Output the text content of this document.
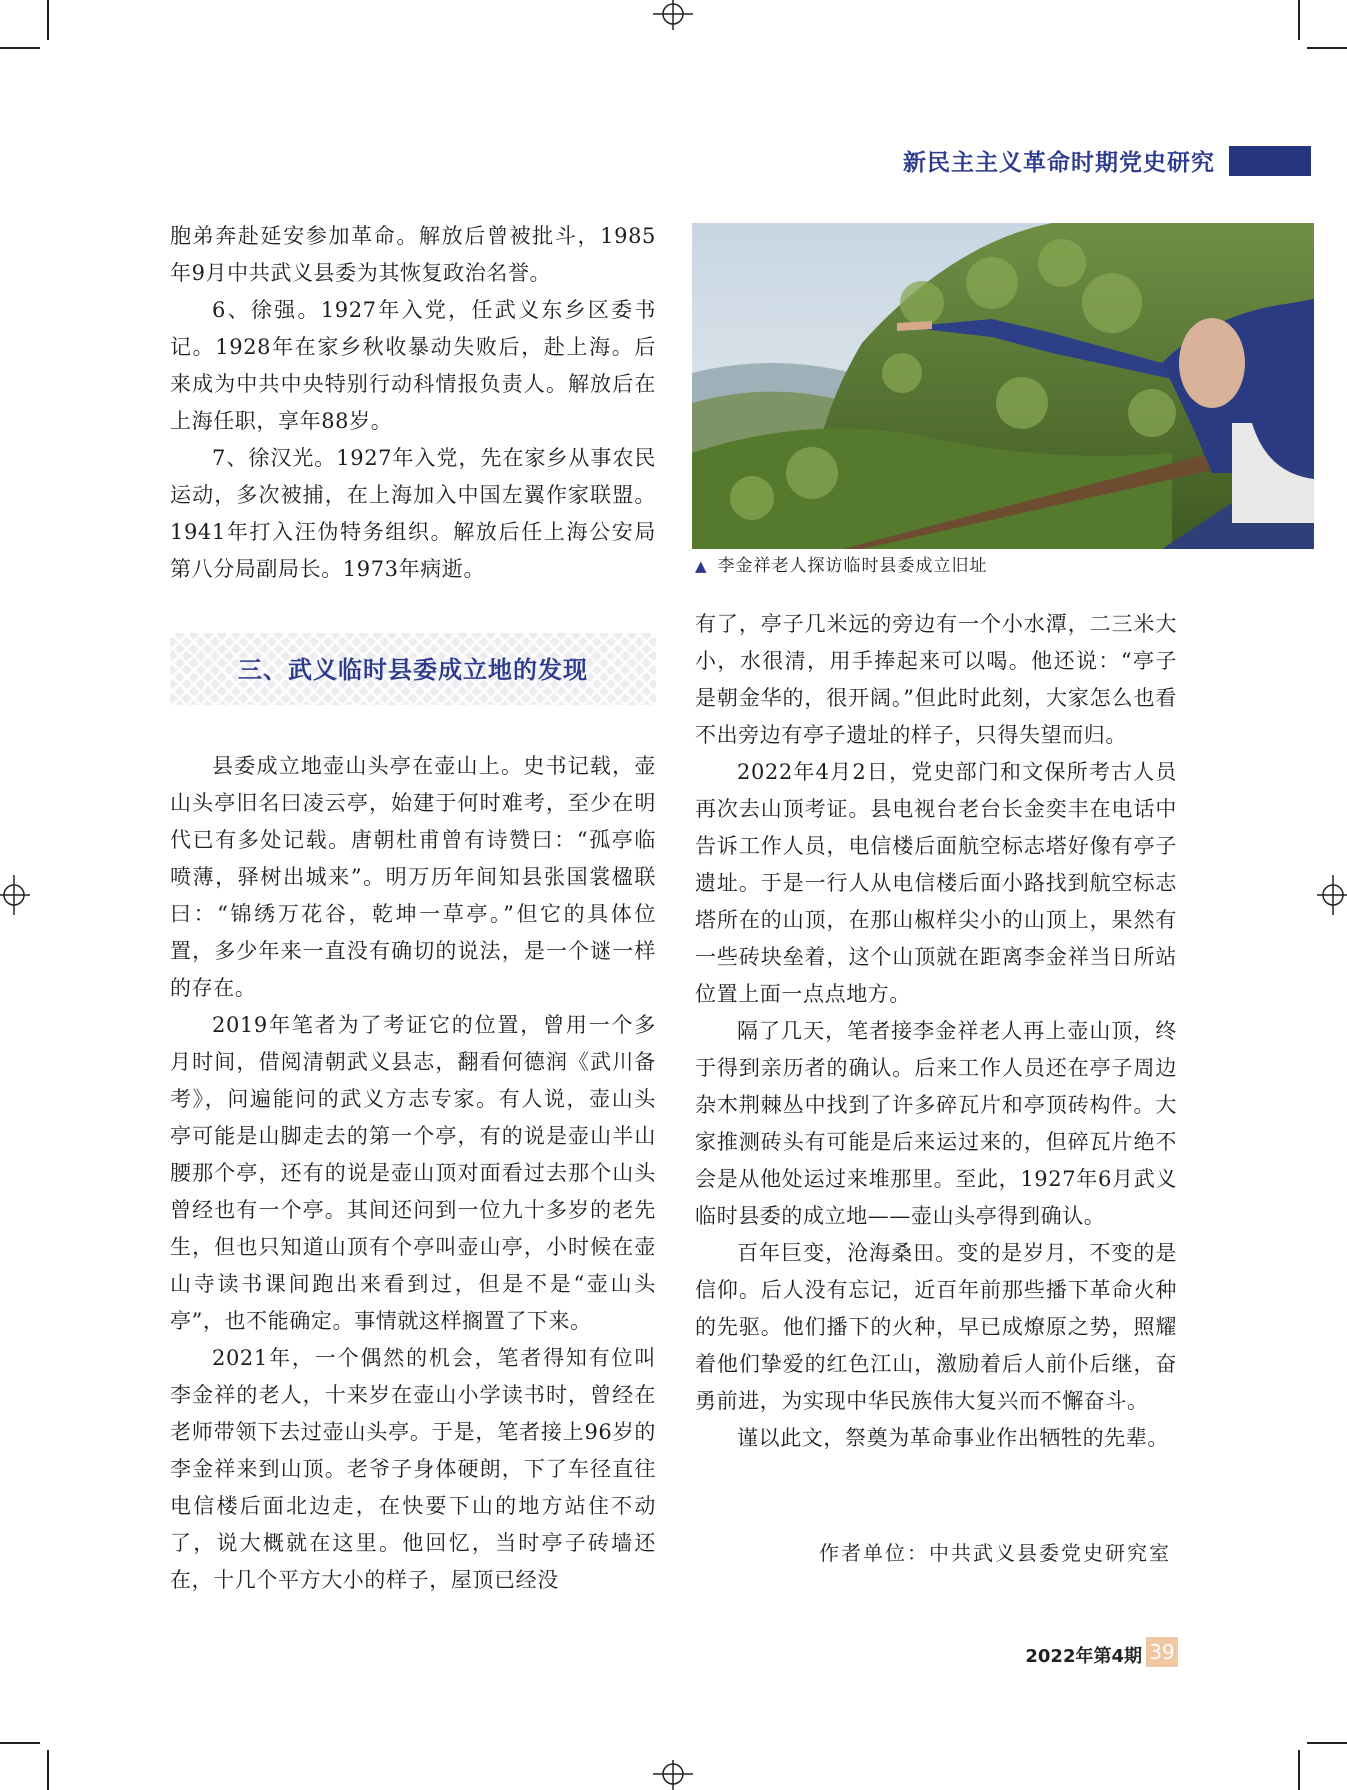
新民主主义革命时期党史研究

胞弟奔赴延安参加革命。解放后曾被批斗，1985年9月中共武义县委为其恢复政治名誉。

6、徐强。1927年入党，任武义东乡区委书记。1928年在家乡秋收暴动失败后，赴上海。后来成为中共中央特别行动科情报负责人。解放后在上海任职，享年88岁。

7、徐汉光。1927年入党，先在家乡从事农民运动，多次被捕，在上海加入中国左翼作家联盟。1941年打入汪伪特务组织。解放后任上海公安局第八分局副局长。1973年病逝。

三、武义临时县委成立地的发现

县委成立地壶山头亭在壶山上。史书记载，壶山头亭旧名曰凌云亭，始建于何时难考，至少在明代已有多处记载。唐朝杜甫曾有诗赞曰：“孤亭临喷薄，驿树出城来”。明万历年间知县张国裳楹联曰：“锦绣万花谷，乾坤一草亭。”但它的具体位置，多少年来一直没有确切的说法，是一个谜一样的存在。

2019年笔者为了考证它的位置，曾用一个多月时间，借阅清朝武义县志，翻看何德润《武川备考》，问遍能问的武义方志专家。有人说，壶山头亭可能是山脚走去的第一个亭，有的说是壶山半山腰那个亭，还有的说是壶山顶对面看过去那个山头曾经也有一个亭。其间还问到一位九十多岁的老先生，但也只知道山顶有个亭叫壶山亭，小时候在壶山寺读书课间跑出来看到过，但是不是“壶山头亭”，也不能确定。事情就这样搁置了下来。

2021年，一个偶然的机会，笔者得知有位叫李金祥的老人，十来岁在壶山小学读书时，曾经在老师带领下去过壶山头亭。于是，笔者接上96岁的李金祥来到山顶。老爷子身体硬朗，下了车径直往电信楼后面北边走，在快要下山的地方站住不动了，说大概就在这里。他回忆，当时亭子砖墙还在，十几个平方大小的样子，屋顶已经没

▲ 李金祥老人探访临时县委成立旧址

有了，亭子几米远的旁边有一个小水潭，二三米大小，水很清，用手捧起来可以喝。他还说：“亭子是朝金华的，很开阔。”但此时此刻，大家怎么也看不出旁边有亭子遗址的样子，只得失望而归。

2022年4月2日，党史部门和文保所考古人员再次去山顶考证。县电视台老台长金奕丰在电话中告诉工作人员，电信楼后面航空标志塔好像有亭子遗址。于是一行人从电信楼后面小路找到航空标志塔所在的山顶，在那山椒样尖小的山顶上，果然有一些砖块垒着，这个山顶就在距离李金祥当日所站位置上面一点点地方。

隔了几天，笔者接李金祥老人再上壶山顶，终于得到亲历者的确认。后来工作人员还在亭子周边杂木荆棘丛中找到了许多碎瓦片和亭顶砖构件。大家推测砖头有可能是后来运过来的，但碎瓦片绝不会是从他处运过来堆那里。至此，1927年6月武义临时县委的成立地——壶山头亭得到确认。

百年巨变，沧海桑田。变的是岁月，不变的是信仰。后人没有忘记，近百年前那些播下革命火种的先驱。他们播下的火种，早已成燎原之势，照耀着他们挚爱的红色江山，激励着后人前仆后继，奋勇前进，为实现中华民族伟大复兴而不懈奋斗。

谨以此文，祭奠为革命事业作出牺牲的先辈。

作者单位：中共武义县委党史研究室
2022年第4期 39
